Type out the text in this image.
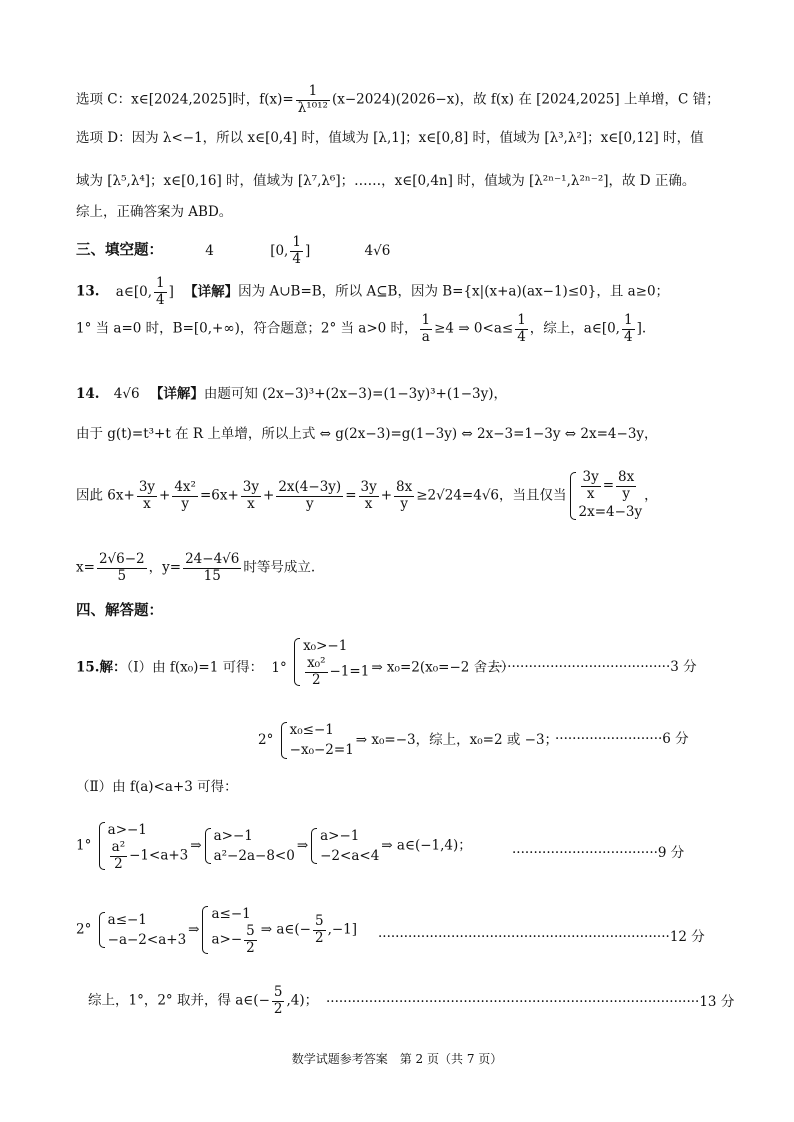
选项 C：x∈[2024,2025]时，$f(x)= \frac{1}{\text{λ¹⁰¹²}} (x-2024)(2026-x)$，故 f(x) 在 [2024,2025] 上单增，C 错；
选项 D：因为 λ<−1，所以 x∈[0,4] 时，值域为 [λ,1]；x∈[0,8] 时，值域为 [λ³,λ²]；x∈[0,12] 时，值
域为 [λ⁵,λ⁴]；x∈[0,16] 时，值域为 [λ⁷,λ⁶]；……，x∈[0,4n] 时，值域为 [λ²ⁿ⁻¹,λ²ⁿ⁻²]，故 D 正确。
综上，正确答案为 ABD。
三、填空题：	4	[0, $\frac{1}{4}$ ]	4√6
13. a∈[0, $\frac{1}{4}$ ] 【详解】因为 A∪B=B，所以 A⊆B，因为 B={x|(x+a)(ax−1)≤0}，且 a≥0；
1° 当 a=0 时，B=[0,+∞)，符合题意；2° 当 a>0 时， $\frac{1}{a} \ge 4$ ⇒ $0<a\le \frac{1}{4}$ ，综上，a∈[0, $\frac{1}{4}$ ].
14. 4√6 【详解】由题可知 (2x−3)³+(2x−3)=(1−3y)³+(1−3y)，
由于 g(t)=t³+t 在 R 上单增，所以上式 ⇔ g(2x−3)=g(1−3y) ⇔ 2x−3=1−3y ⇔ 2x=4−3y，
因此 $6x+ \frac{3y}{x} + \frac{\text{4x²}}{y} =6x+ \frac{3y}{x} + \frac{2x(4-3y)}{y} = \frac{3y}{x} + \frac{8x}{y} \ge 2√24=4√6$，当且仅当 $\frac{3y}{x} = \frac{8x}{y}$
2x=4−3y
，
$x= \frac{2√6-2}{5}$ ，$y= \frac{24-4√6}{15}$ 时等号成立.
四、解答题：
15.解：（Ⅰ）由 f(x₀)=1 可得： 1°
x₀>−1
$\frac{\text{x₀²}}{2} -1=1$ ⇒ x₀=2(x₀=−2 舍去）
··········································3 分
2°
x₀≤−1
−x₀−2=1
⇒ x₀=−3，综上，x₀=2 或 −3；
·························6 分
（Ⅱ）由 f(a)<a+3 可得：
1°
a>−1
$\frac{\text{a²}}{2} -1<a+3$
⇒
a>−1
a²−2a−8<0
⇒
a>−1
−2<a<4
⇒ a∈(−1,4)；	··································9 分
2°
a≤−1
−a−2<a+3
⇒
a≤−1
$a>- \frac{5}{2}$ ⇒ a∈(− $\frac{5}{2} ,-1] \cdot\cdot\cdot\cdot\cdot\cdot\cdot\cdot\cdot\cdot\cdot\cdot\cdot\cdot\cdot\cdot\cdot\cdot\cdot\cdot\cdot\cdot\cdot\cdot\cdot\cdot\cdot\cdot\cdot\cdot\cdot\cdot\cdot\cdot\cdot\cdot\cdot\cdot\cdot\cdot\cdot\cdot\cdot\cdot\cdot\cdot\cdot\cdot\cdot\cdot\cdot\cdot\cdot\cdot\cdot\cdot\cdot\cdot\cdot\cdot\cdot\cdot\cdot\cdot\cdot\cdot\cdot\cdot 12$ 分
综上，1°，2° 取并，得 a∈(− $\frac{5}{2} ,4$)； ·······················································································13 分
数学试题参考答案　第 2 页（共 7 页）
